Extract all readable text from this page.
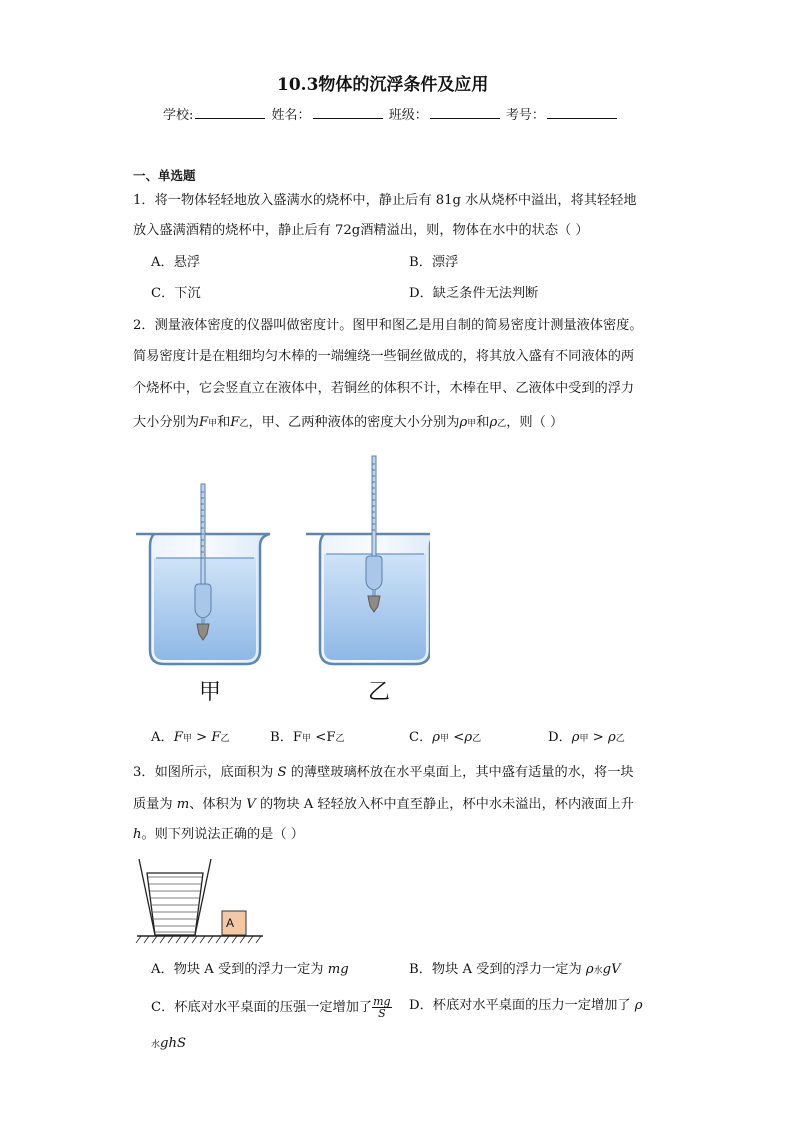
10.3物体的沉浮条件及应用
学校:	姓名：	班级：	考号：
一、单选题
1．将一物体轻轻地放入盛满水的烧杯中，静止后有 81g 水从烧杯中溢出，将其轻轻地
放入盛满酒精的烧杯中，静止后有 72g酒精溢出，则，物体在水中的状态（ ）
A．悬浮	B．漂浮
C．下沉	D．缺乏条件无法判断
2．测量液体密度的仪器叫做密度计。图甲和图乙是用自制的简易密度计测量液体密度。
简易密度计是在粗细均匀木棒的一端缠绕一些铜丝做成的，将其放入盛有不同液体的两
个烧杯中，它会竖直立在液体中，若铜丝的体积不计，木棒在甲、乙液体中受到的浮力
大小分别为F甲和F乙，甲、乙两种液体的密度大小分别为ρ甲和ρ乙，则（ ）
甲	乙
A．F甲 > F乙	B．F甲 <F乙	C．ρ甲 <ρ乙	D．ρ甲 > ρ乙
3．如图所示，底面积为 S 的薄壁玻璃杯放在水平桌面上，其中盛有适量的水，将一块
质量为 m、体积为 V 的物块 A 轻轻放入杯中直至静止，杯中水未溢出，杯内液面上升
h。则下列说法正确的是（ ）
A
A．物块 A 受到的浮力一定为 mg	B．物块 A 受到的浮力一定为 ρ水gV
C．杯底对水平桌面的压强一定增加了 $\frac{mg}{S}$ D．杯底对水平桌面的压力一定增加了 ρ
水ghS
